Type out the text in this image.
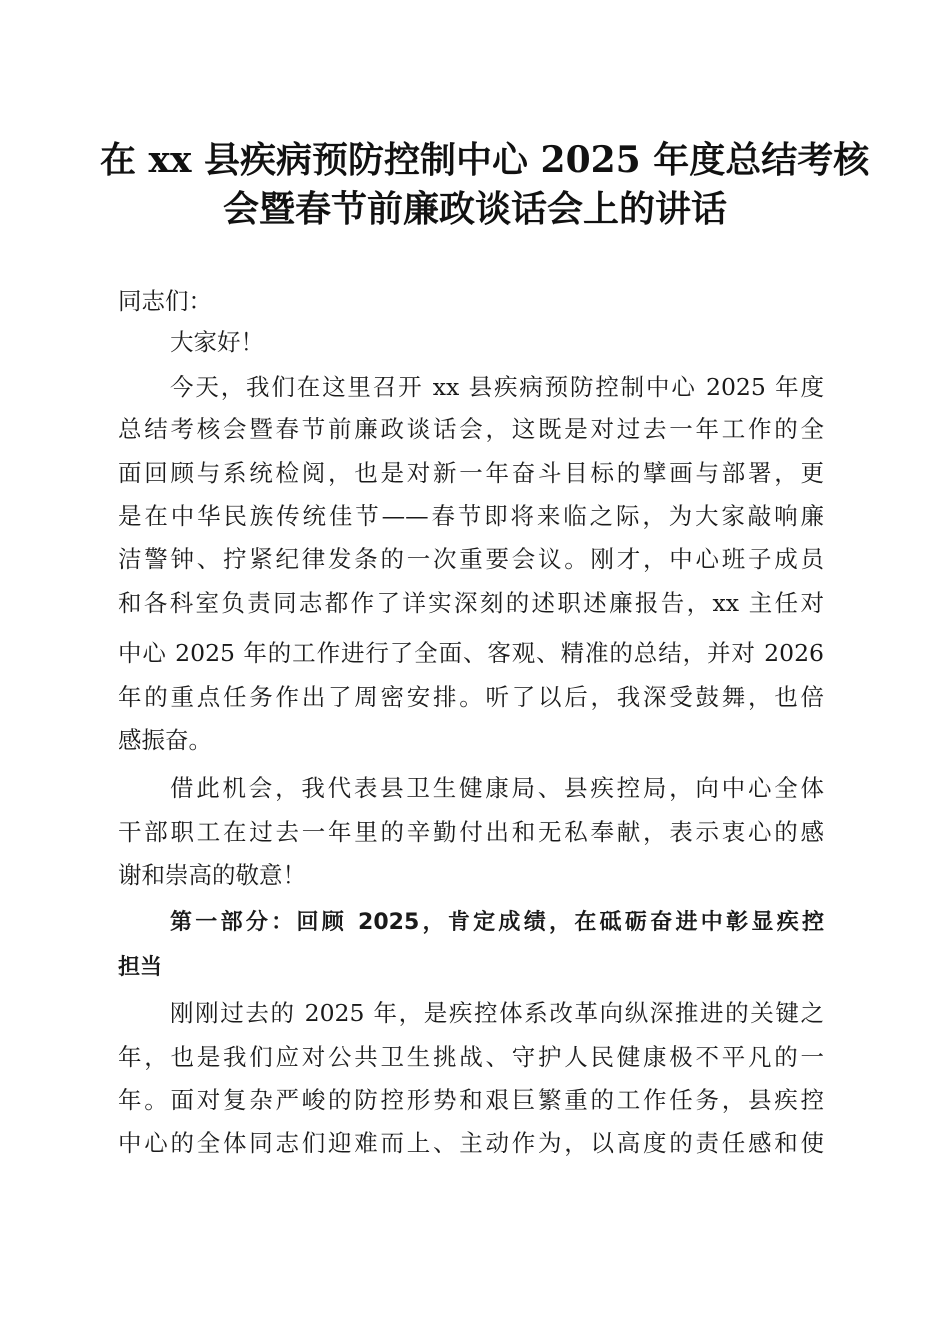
在 xx 县疾病预防控制中心 2025 年度总结考核
会暨春节前廉政谈话会上的讲话
同志们：
大家好！
今天，我们在这里召开 xx 县疾病预防控制中心 2025 年度
总结考核会暨春节前廉政谈话会，这既是对过去一年工作的全
面回顾与系统检阅，也是对新一年奋斗目标的擘画与部署，更
是在中华民族传统佳节——春节即将来临之际，为大家敲响廉
洁警钟、拧紧纪律发条的一次重要会议。刚才，中心班子成员
和各科室负责同志都作了详实深刻的述职述廉报告，xx 主任对
中心 2025 年的工作进行了全面、客观、精准的总结，并对 2026
年的重点任务作出了周密安排。听了以后，我深受鼓舞，也倍
感振奋。
借此机会，我代表县卫生健康局、县疾控局，向中心全体
干部职工在过去一年里的辛勤付出和无私奉献，表示衷心的感
谢和崇高的敬意！
第一部分：回顾 2025，肯定成绩，在砥砺奋进中彰显疾控
担当
刚刚过去的 2025 年，是疾控体系改革向纵深推进的关键之
年，也是我们应对公共卫生挑战、守护人民健康极不平凡的一
年。面对复杂严峻的防控形势和艰巨繁重的工作任务，县疾控
中心的全体同志们迎难而上、主动作为，以高度的责任感和使
